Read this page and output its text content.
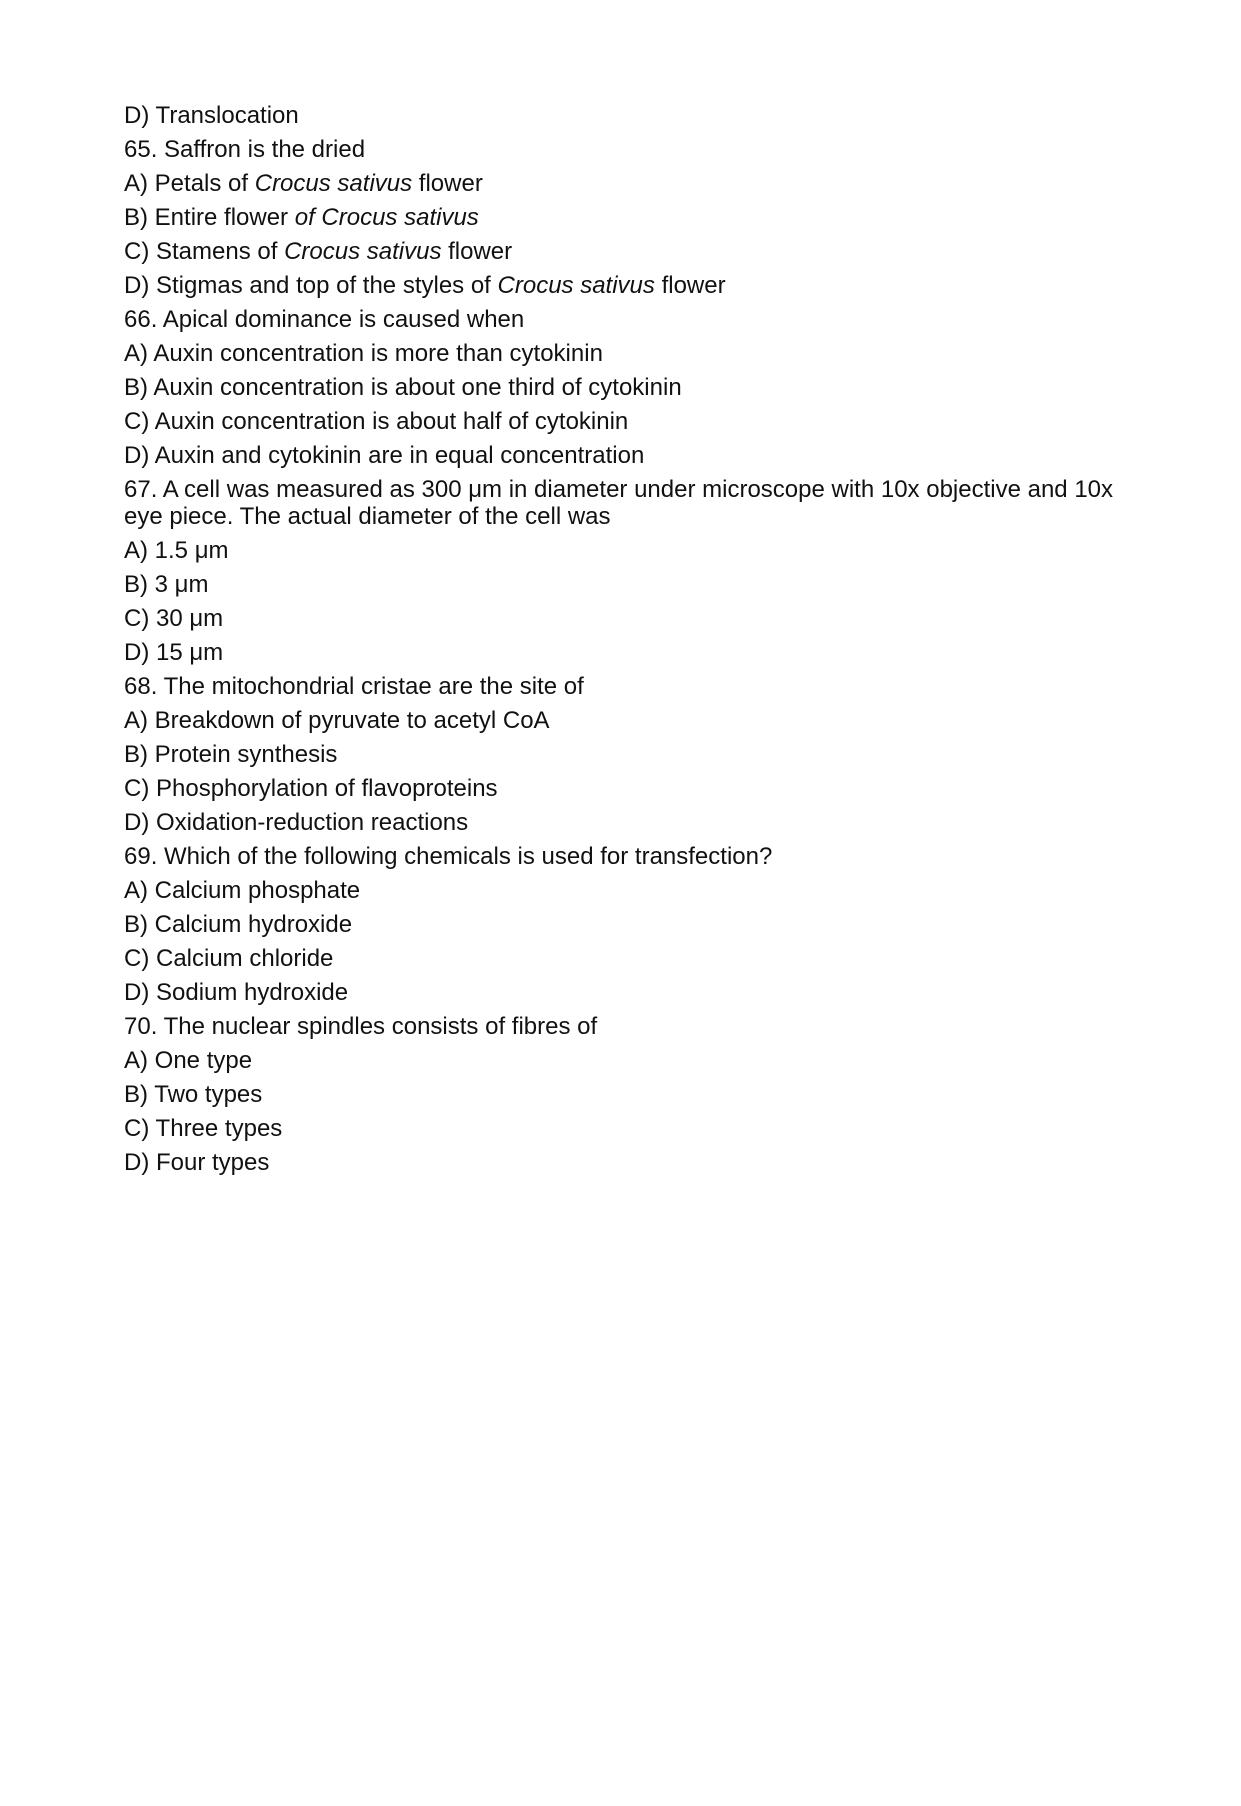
D) Translocation
65. Saffron is the dried
A) Petals of Crocus sativus flower
B) Entire flower of Crocus sativus
C) Stamens of Crocus sativus flower
D) Stigmas and top of the styles of Crocus sativus flower
66. Apical dominance is caused when
A) Auxin concentration is more than cytokinin
B) Auxin concentration is about one third of cytokinin
C) Auxin concentration is about half of cytokinin
D) Auxin and cytokinin are in equal concentration
67. A cell was measured as 300 μm in diameter under microscope with 10x objective and 10x eye piece. The actual diameter of the cell was
A) 1.5 μm
B) 3 μm
C) 30 μm
D) 15 μm
68. The mitochondrial cristae are the site of
A) Breakdown of pyruvate to acetyl CoA
B) Protein synthesis
C) Phosphorylation of flavoproteins
D) Oxidation-reduction reactions
69. Which of the following chemicals is used for transfection?
A) Calcium phosphate
B) Calcium hydroxide
C) Calcium chloride
D) Sodium hydroxide
70. The nuclear spindles consists of fibres of
A) One type
B) Two types
C) Three types
D) Four types
